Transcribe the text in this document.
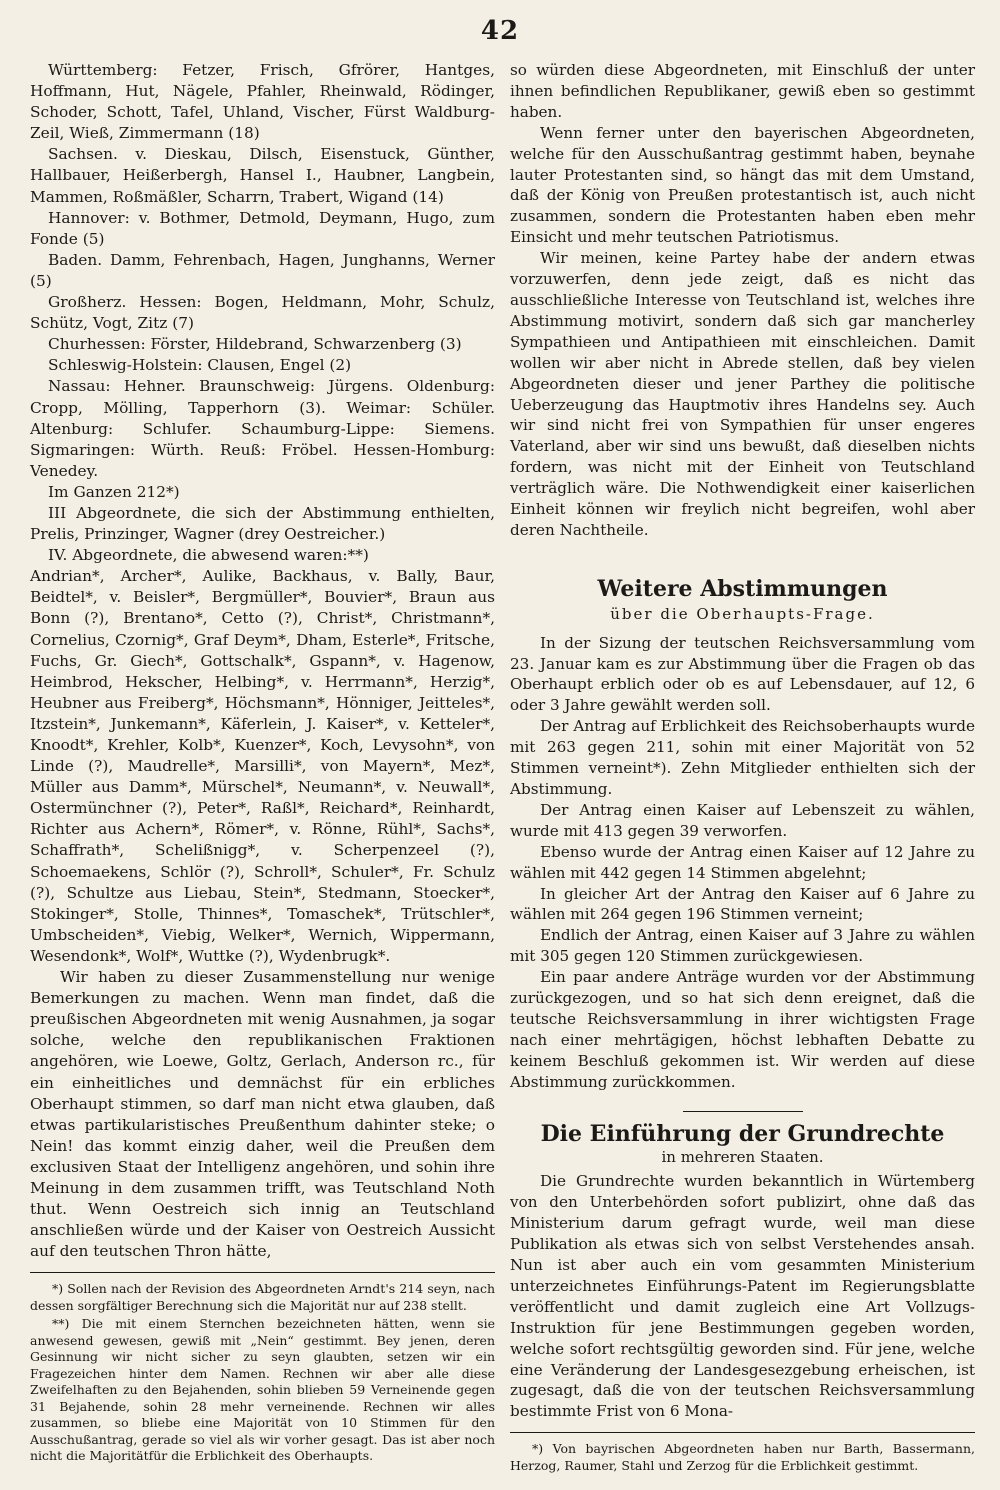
42

Württemberg: Fetzer, Frisch, Gfrörer, Hantges, Hoffmann, Hut, Nägele, Pfahler, Rheinwald, Rödinger, Schoder, Schott, Tafel, Uhland, Vischer, Fürst Waldburg-Zeil, Wieß, Zimmermann (18)

Sachsen. v. Dieskau, Dilsch, Eisenstuck, Günther, Hallbauer, Heißerbergh, Hansel I., Haubner, Langbein, Mammen, Roßmäßler, Scharrn, Trabert, Wigand (14)

Hannover: v. Bothmer, Detmold, Deymann, Hugo, zum Fonde (5)

Baden. Damm, Fehrenbach, Hagen, Junghanns, Werner (5)

Großherz. Hessen: Bogen, Heldmann, Mohr, Schulz, Schütz, Vogt, Zitz (7)

Churhessen: Förster, Hildebrand, Schwarzenberg (3)

Schleswig-Holstein: Clausen, Engel (2)

Nassau: Hehner. Braunschweig: Jürgens. Oldenburg: Cropp, Mölling, Tapperhorn (3). Weimar: Schüler. Altenburg: Schlufer. Schaumburg-Lippe: Siemens. Sigmaringen: Würth. Reuß: Fröbel. Hessen-Homburg: Venedey.

Im Ganzen 212*)

III Abgeordnete, die sich der Abstimmung enthielten, Prelis, Prinzinger, Wagner (drey Oestreicher.)

IV. Abgeordnete, die abwesend waren:**)

Andrian*, Archer*, Aulike, Backhaus, v. Bally, Baur, Beidtel*, v. Beisler*, Bergmüller*, Bouvier*, Braun aus Bonn (?), Brentano*, Cetto (?), Christ*, Christmann*, Cornelius, Czornig*, Graf Deym*, Dham, Esterle*, Fritsche, Fuchs, Gr. Giech*, Gottschalk*, Gspann*, v. Hagenow, Heimbrod, Hekscher, Helbing*, v. Herrmann*, Herzig*, Heubner aus Freiberg*, Höchsmann*, Hönniger, Jeitteles*, Itzstein*, Junkemann*, Käferlein, J. Kaiser*, v. Ketteler*, Knoodt*, Krehler, Kolb*, Kuenzer*, Koch, Levysohn*, von Linde (?), Maudrelle*, Marsilli*, von Mayern*, Mez*, Müller aus Damm*, Mürschel*, Neumann*, v. Neuwall*, Ostermünchner (?), Peter*, Raßl*, Reichard*, Reinhardt, Richter aus Achern*, Römer*, v. Rönne, Rühl*, Sachs*, Schaffrath*, Schelißnigg*, v. Scherpenzeel (?), Schoemaekens, Schlör (?), Schroll*, Schuler*, Fr. Schulz (?), Schultze aus Liebau, Stein*, Stedmann, Stoecker*, Stokinger*, Stolle, Thinnes*, Tomaschek*, Trütschler*, Umbscheiden*, Viebig, Welker*, Wernich, Wippermann, Wesendonk*, Wolf*, Wuttke (?), Wydenbrugk*.

Wir haben zu dieser Zusammenstellung nur wenige Bemerkungen zu machen. Wenn man findet, daß die preußischen Abgeordneten mit wenig Ausnahmen, ja sogar solche, welche den republikanischen Fraktionen angehören, wie Loewe, Goltz, Gerlach, Anderson rc., für ein einheitliches und demnächst für ein erbliches Oberhaupt stimmen, so darf man nicht etwa glauben, daß etwas partikularistisches Preußenthum dahinter steke; o Nein! das kommt einzig daher, weil die Preußen dem exclusiven Staat der Intelligenz angehören, und sohin ihre Meinung in dem zusammen trifft, was Teutschland Noth thut. Wenn Oestreich sich innig an Teutschland anschließen würde und der Kaiser von Oestreich Aussicht auf den teutschen Thron hätte,

*) Sollen nach der Revision des Abgeordneten Arndt's 214 seyn, nach dessen sorgfältiger Berechnung sich die Majorität nur auf 238 stellt.

**) Die mit einem Sternchen bezeichneten hätten, wenn sie anwesend gewesen, gewiß mit „Nein“ gestimmt. Bey jenen, deren Gesinnung wir nicht sicher zu seyn glaubten, setzen wir ein Fragezeichen hinter dem Namen. Rechnen wir aber alle diese Zweifelhaften zu den Bejahenden, sohin blieben 59 Verneinende gegen 31 Bejahende, sohin 28 mehr verneinende. Rechnen wir alles zusammen, so bliebe eine Majorität von 10 Stimmen für den Ausschußantrag, gerade so viel als wir vorher gesagt. Das ist aber noch nicht die Majoritätfür die Erblichkeit des Oberhaupts.

so würden diese Abgeordneten, mit Einschluß der unter ihnen befindlichen Republikaner, gewiß eben so gestimmt haben.

Wenn ferner unter den bayerischen Abgeordneten, welche für den Ausschußantrag gestimmt haben, beynahe lauter Protestanten sind, so hängt das mit dem Umstand, daß der König von Preußen protestantisch ist, auch nicht zusammen, sondern die Protestanten haben eben mehr Einsicht und mehr teutschen Patriotismus.

Wir meinen, keine Partey habe der andern etwas vorzuwerfen, denn jede zeigt, daß es nicht das ausschließliche Interesse von Teutschland ist, welches ihre Abstimmung motivirt, sondern daß sich gar mancherley Sympathieen und Antipathieen mit einschleichen. Damit wollen wir aber nicht in Abrede stellen, daß bey vielen Abgeordneten dieser und jener Parthey die politische Ueberzeugung das Hauptmotiv ihres Handelns sey. Auch wir sind nicht frei von Sympathien für unser engeres Vaterland, aber wir sind uns bewußt, daß dieselben nichts fordern, was nicht mit der Einheit von Teutschland verträglich wäre. Die Nothwendigkeit einer kaiserlichen Einheit können wir freylich nicht begreifen, wohl aber deren Nachtheile.

Weitere Abstimmungen
über die Oberhaupts-Frage.

In der Sizung der teutschen Reichsversammlung vom 23. Januar kam es zur Abstimmung über die Fragen ob das Oberhaupt erblich oder ob es auf Lebensdauer, auf 12, 6 oder 3 Jahre gewählt werden soll.

Der Antrag auf Erblichkeit des Reichsoberhaupts wurde mit 263 gegen 211, sohin mit einer Majorität von 52 Stimmen verneint*). Zehn Mitglieder enthielten sich der Abstimmung.

Der Antrag einen Kaiser auf Lebenszeit zu wählen, wurde mit 413 gegen 39 verworfen.

Ebenso wurde der Antrag einen Kaiser auf 12 Jahre zu wählen mit 442 gegen 14 Stimmen abgelehnt;

In gleicher Art der Antrag den Kaiser auf 6 Jahre zu wählen mit 264 gegen 196 Stimmen verneint;

Endlich der Antrag, einen Kaiser auf 3 Jahre zu wählen mit 305 gegen 120 Stimmen zurückgewiesen.

Ein paar andere Anträge wurden vor der Abstimmung zurückgezogen, und so hat sich denn ereignet, daß die teutsche Reichsversammlung in ihrer wichtigsten Frage nach einer mehrtägigen, höchst lebhaften Debatte zu keinem Beschluß gekommen ist. Wir werden auf diese Abstimmung zurückkommen.

Die Einführung der Grundrechte
in mehreren Staaten.

Die Grundrechte wurden bekanntlich in Würtemberg von den Unterbehörden sofort publizirt, ohne daß das Ministerium darum gefragt wurde, weil man diese Publikation als etwas sich von selbst Verstehendes ansah. Nun ist aber auch ein vom gesammten Ministerium unterzeichnetes Einführungs-Patent im Regierungsblatte veröffentlicht und damit zugleich eine Art Vollzugs-Instruktion für jene Bestimmungen gegeben worden, welche sofort rechtsgültig geworden sind. Für jene, welche eine Veränderung der Landesgesezgebung erheischen, ist zugesagt, daß die von der teutschen Reichsversammlung bestimmte Frist von 6 Mona-

*) Von bayrischen Abgeordneten haben nur Barth, Bassermann, Herzog, Raumer, Stahl und Zerzog für die Erblichkeit gestimmt.
